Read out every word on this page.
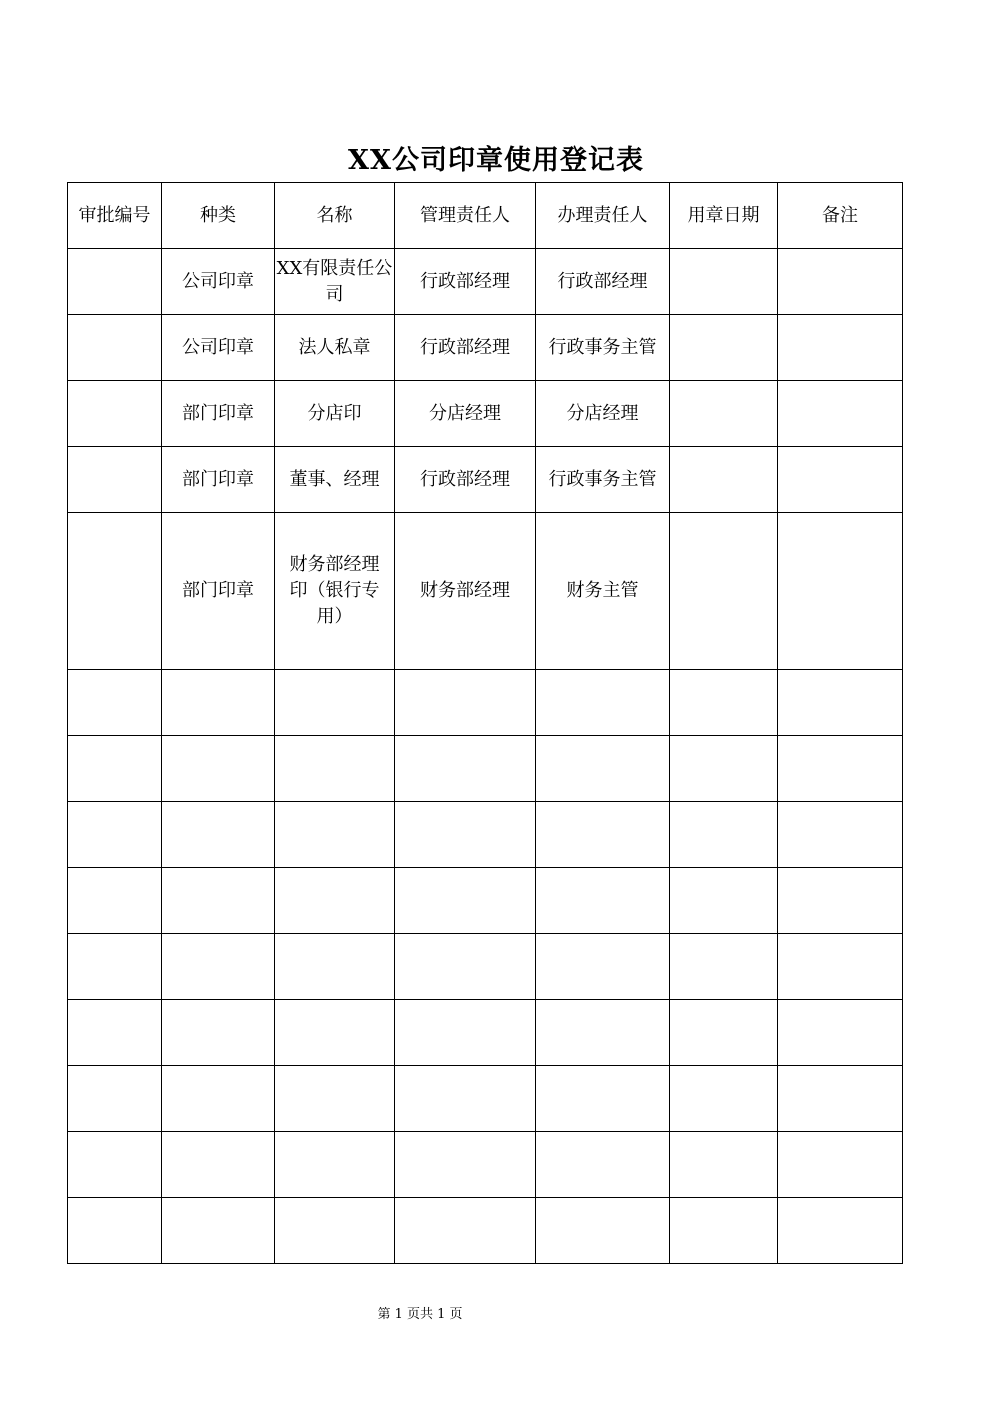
XX公司印章使用登记表
审批编号	种类	名称	管理责任人	办理责任人	用章日期	备注
	公司印章	XX有限责任公司	行政部经理	行政部经理		
	公司印章	法人私章	行政部经理	行政事务主管		
	部门印章	分店印	分店经理	分店经理		
	部门印章	董事、经理	行政部经理	行政事务主管		
	部门印章	财务部经理印（银行专用）	财务部经理	财务主管		

第 1 页共 1 页
